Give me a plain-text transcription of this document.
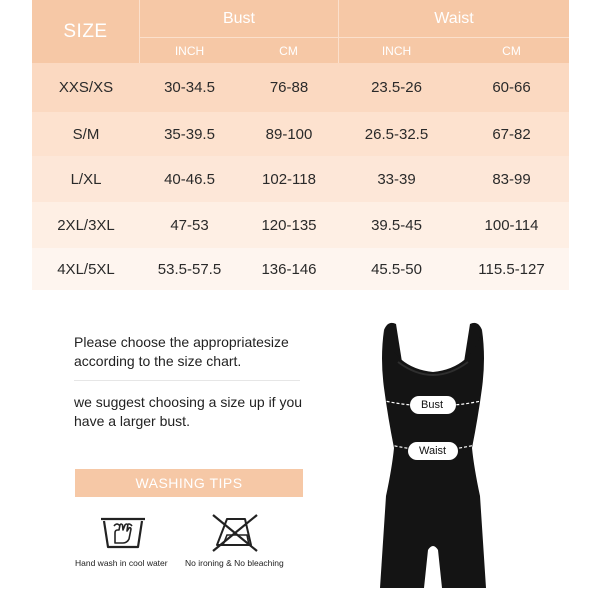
SIZE
Bust	Waist
INCH	CM	INCH	CM
XXS/XS	30-34.5	76-88	23.5-26	60-66
S/M	35-39.5	89-100	26.5-32.5	67-82
L/XL	40-46.5	102-118	33-39	83-99
2XL/3XL	47-53	120-135	39.5-45	100-114
4XL/5XL	53.5-57.5	136-146	45.5-50	115.5-127

Please choose the appropriatesize according to the size chart.

we suggest choosing a size up if you have a larger bust.

WASHING TIPS
Hand wash in cool water No ironing & No bleaching
Bust
Waist
